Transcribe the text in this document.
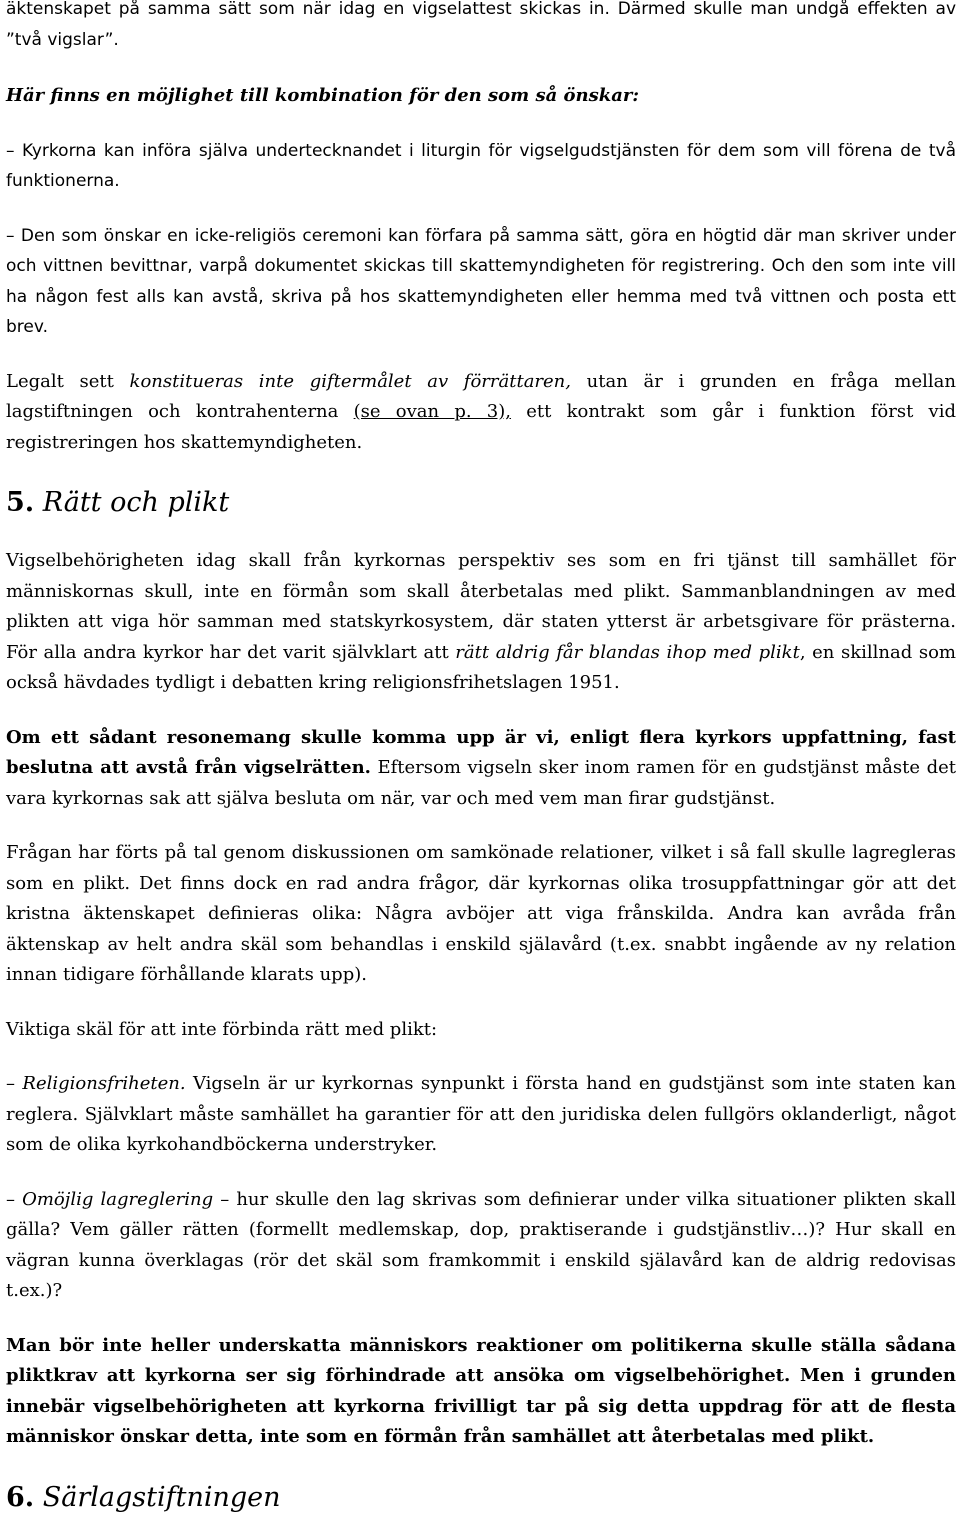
äktenskapet på samma sätt som när idag en vigselattest skickas in. Därmed skulle man undgå effekten av ”två vigslar”.

Här finns en möjlighet till kombination för den som så önskar:

– Kyrkorna kan införa själva undertecknandet i liturgin för vigselgudstjänsten för dem som vill förena de två funktionerna.

– Den som önskar en icke-religiös ceremoni kan förfara på samma sätt, göra en högtid där man skriver under och vittnen bevittnar, varpå dokumentet skickas till skattemyndigheten för registrering. Och den som inte vill ha någon fest alls kan avstå, skriva på hos skattemyndigheten eller hemma med två vittnen och posta ett brev.

Legalt sett konstitueras inte giftermålet av förrättaren, utan är i grunden en fråga mellan lagstiftningen och kontrahenterna (se ovan p. 3), ett kontrakt som går i funktion först vid registreringen hos skattemyndigheten.

5. Rätt och plikt

Vigselbehörigheten idag skall från kyrkornas perspektiv ses som en fri tjänst till samhället för människornas skull, inte en förmån som skall återbetalas med plikt. Sammanblandningen av med plikten att viga hör samman med statskyrkosystem, där staten ytterst är arbetsgivare för prästerna. För alla andra kyrkor har det varit självklart att rätt aldrig får blandas ihop med plikt, en skillnad som också hävdades tydligt i debatten kring religionsfrihetslagen 1951.

Om ett sådant resonemang skulle komma upp är vi, enligt flera kyrkors uppfattning, fast beslutna att avstå från vigselrätten. Eftersom vigseln sker inom ramen för en gudstjänst måste det vara kyrkornas sak att själva besluta om när, var och med vem man firar gudstjänst.

Frågan har förts på tal genom diskussionen om samkönade relationer, vilket i så fall skulle lagregleras som en plikt. Det finns dock en rad andra frågor, där kyrkornas olika trosuppfattningar gör att det kristna äktenskapet definieras olika: Några avböjer att viga frånskilda. Andra kan avråda från äktenskap av helt andra skäl som behandlas i enskild själavård (t.ex. snabbt ingående av ny relation innan tidigare förhållande klarats upp).

Viktiga skäl för att inte förbinda rätt med plikt:

– Religionsfriheten. Vigseln är ur kyrkornas synpunkt i första hand en gudstjänst som inte staten kan reglera. Självklart måste samhället ha garantier för att den juridiska delen fullgörs oklanderligt, något som de olika kyrkohandböckerna understryker.

– Omöjlig lagreglering – hur skulle den lag skrivas som definierar under vilka situationer plikten skall gälla? Vem gäller rätten (formellt medlemskap, dop, praktiserande i gudstjänstliv…)? Hur skall en vägran kunna överklagas (rör det skäl som framkommit i enskild själavård kan de aldrig redovisas t.ex.)?

Man bör inte heller underskatta människors reaktioner om politikerna skulle ställa sådana pliktkrav att kyrkorna ser sig förhindrade att ansöka om vigselbehörighet. Men i grunden innebär vigselbehörigheten att kyrkorna frivilligt tar på sig detta uppdrag för att de flesta människor önskar detta, inte som en förmån från samhället att återbetalas med plikt.

6. Särlagstiftningen
